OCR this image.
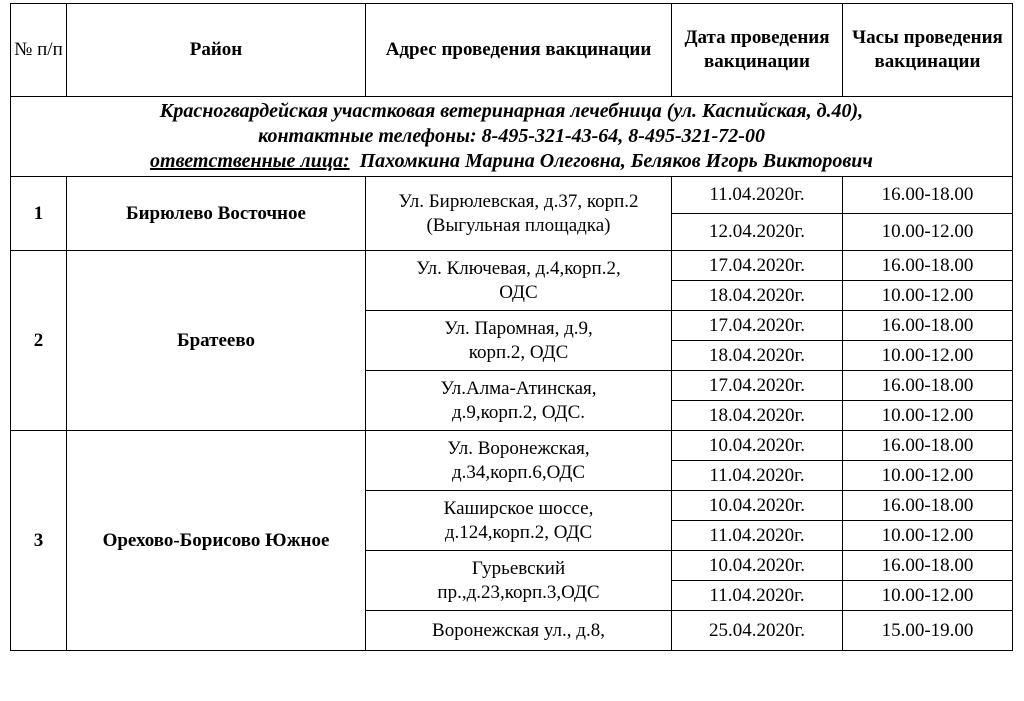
№ п/п	Район	Адрес проведения вакцинации	Дата проведения вакцинации	Часы проведения вакцинации

Красногвардейская участковая ветеринарная лечебница (ул. Каспийская, д.40),
контактные телефоны: 8-495-321-43-64, 8-495-321-72-00
ответственные лица: Пахомкина Марина Олеговна, Беляков Игорь Викторович				

1	Бирюлево Восточное	Ул. Бирюлевская, д.37, корп.2 (Выгульная площадка)	11.04.2020г.	16.00-18.00
			12.04.2020г.	10.00-12.00
2	Братеево	Ул. Ключевая, д.4,корп.2, ОДС	17.04.2020г.	16.00-18.00
			18.04.2020г.	10.00-12.00
		Ул. Паромная, д.9, корп.2, ОДС	17.04.2020г.	16.00-18.00
			18.04.2020г.	10.00-12.00
		Ул.Алма-Атинская, д.9,корп.2, ОДС.	17.04.2020г.	16.00-18.00
			18.04.2020г.	10.00-12.00
3	Орехово-Борисово Южное	Ул. Воронежская, д.34,корп.6,ОДС	10.04.2020г.	16.00-18.00
			11.04.2020г.	10.00-12.00
		Каширское шоссе, д.124,корп.2, ОДС	10.04.2020г.	16.00-18.00
			11.04.2020г.	10.00-12.00
		Гурьевский пр.,д.23,корп.3,ОДС	10.04.2020г.	16.00-18.00
			11.04.2020г.	10.00-12.00
		Воронежская ул., д.8,	25.04.2020г.	15.00-19.00
